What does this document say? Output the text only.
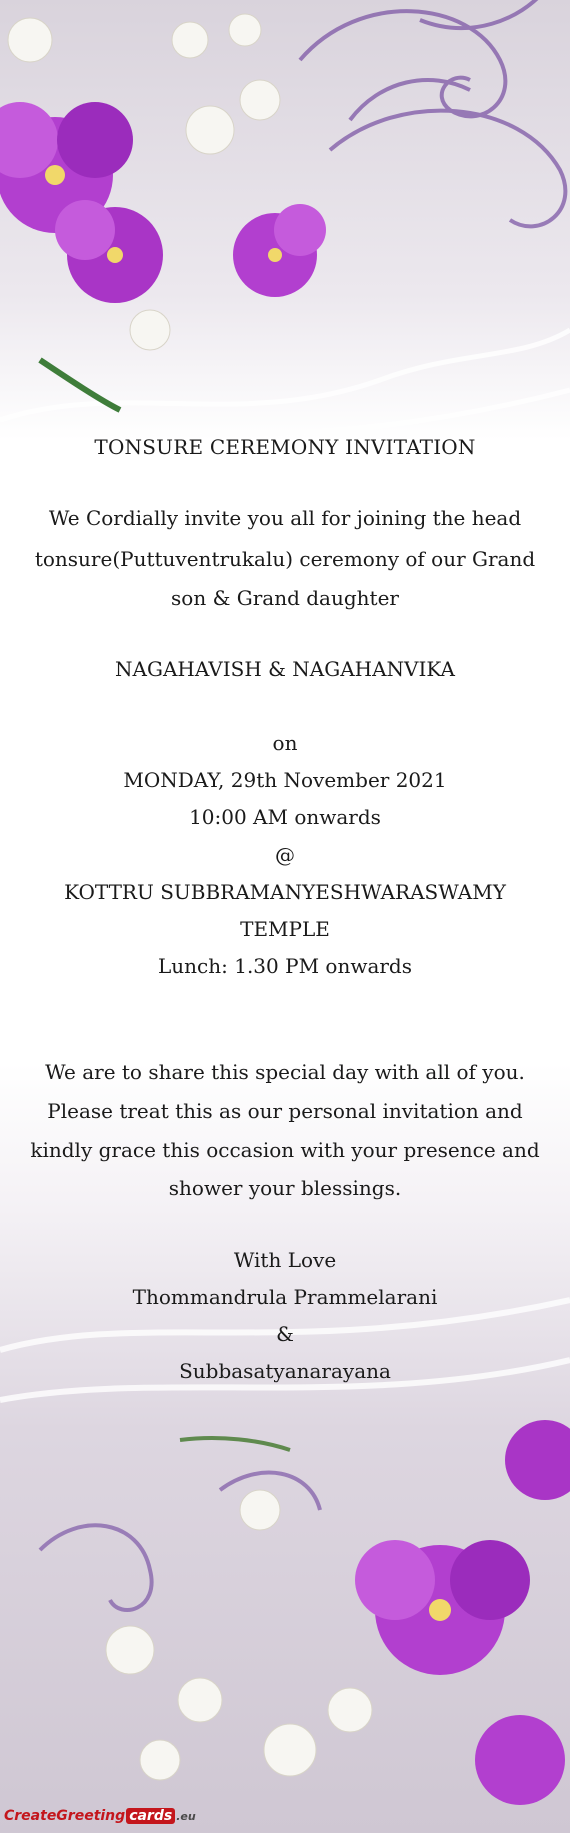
TONSURE CEREMONY INVITATION
We Cordially invite you all for joining the head
tonsure(Puttuventrukalu) ceremony of our Grand
son & Grand daughter
NAGAHAVISH & NAGAHANVIKA
on
MONDAY, 29th November 2021
10:00 AM onwards
@
KOTTRU SUBBRAMANYESHWARASWAMY
TEMPLE
Lunch: 1.30 PM onwards
We are to share this special day with all of you.
Please treat this as our personal invitation and
kindly grace this occasion with your presence and
shower your blessings.
With Love
Thommandrula Prammelarani
&
Subbasatyanarayana
CreateGreeting cards .eu
